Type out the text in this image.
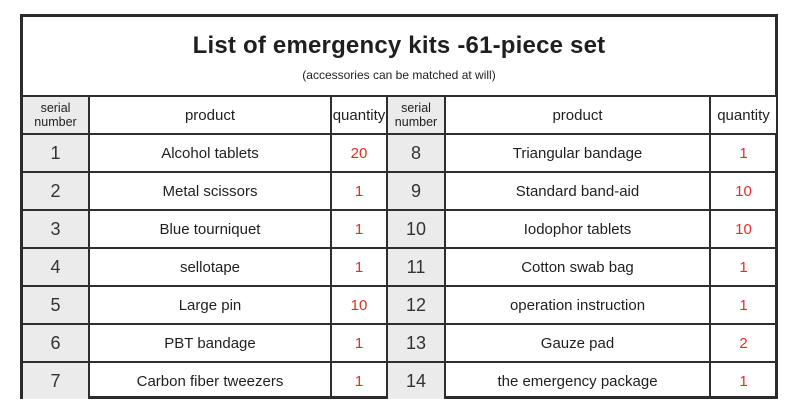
List of emergency kits -61-piece set
(accessories can be matched at will)
serial number	product	quantity
1	Alcohol tablets	20
2	Metal scissors	1
3	Blue tourniquet	1
4	sellotape	1
5	Large pin	10
6	PBT bandage	1
7	Carbon fiber tweezers	1
serial number	product	quantity
8	Triangular bandage	1
9	Standard band-aid	10
10	Iodophor tablets	10
11	Cotton swab bag	1
12	operation instruction	1
13	Gauze pad	2
14	the emergency package	1
